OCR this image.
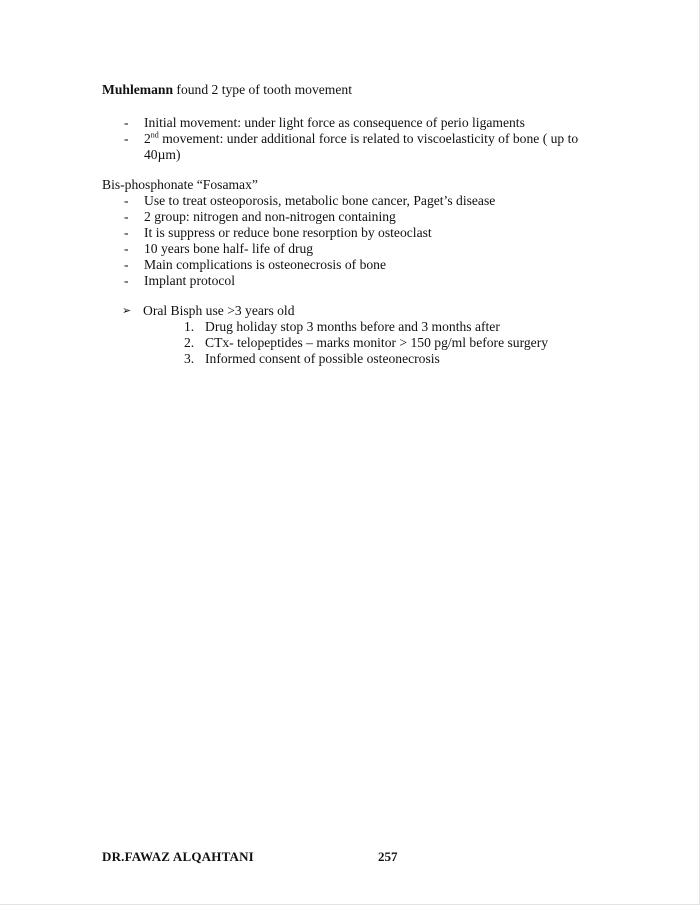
Muhlemann found 2 type of tooth movement
- Initial movement: under light force as consequence of perio ligaments
- 2nd movement: under additional force is related to viscoelasticity of bone ( up to 40µm)
Bis-phosphonate “Fosamax”
- Use to treat osteoporosis, metabolic bone cancer, Paget’s disease
- 2 group: nitrogen and non-nitrogen containing
- It is suppress or reduce bone resorption by osteoclast
- 10 years bone half- life of drug
- Main complications is osteonecrosis of bone
- Implant protocol
➢ Oral Bisph use >3 years old
1. Drug holiday stop 3 months before and 3 months after
2. CTx- telopeptides – marks monitor > 150 pg/ml before surgery
3. Informed consent of possible osteonecrosis
DR.FAWAZ ALQAHTANI	257
